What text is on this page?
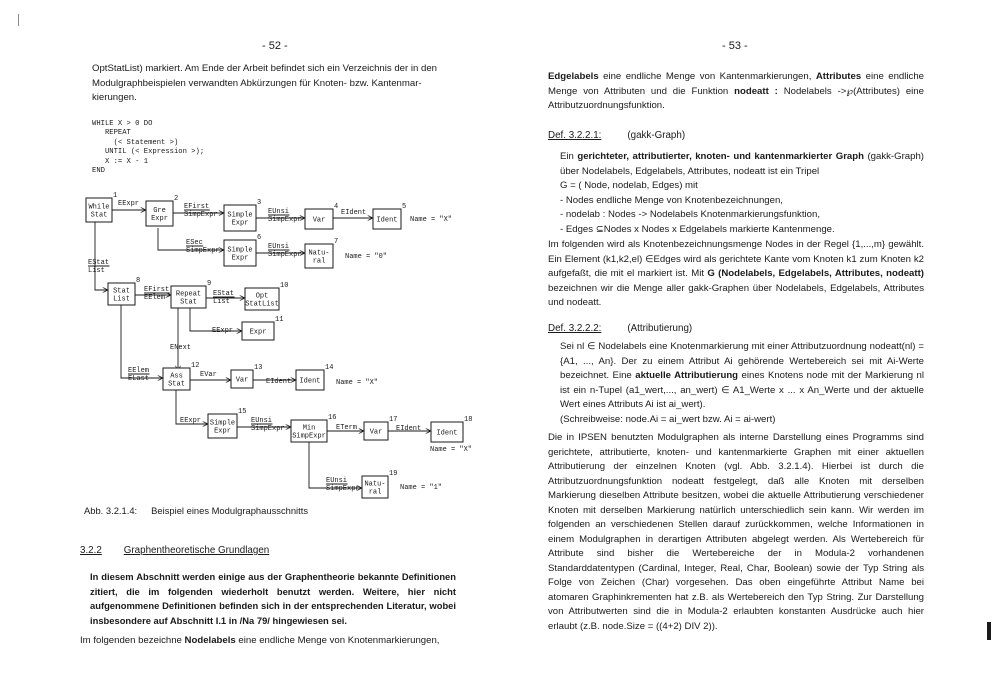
- 52 -

OptStatList) markiert. Am Ende der Arbeit befindet sich ein Verzeichnis der in den

Modulgraphbeispielen verwandten Abkürzungen für Knoten- bzw. Kantenmar-

kierungen.

WHILE X > 0 DO
REPEAT
(< Statement >)
UNTIL (< Expression >);
X := X - 1
END
While
Stat
1
Gre
Expr
2
Simple
Expr
3
Var
4
Ident
5
Simple
Expr
6
Natu-
ral
7
Stat
List
8
Repeat
Stat
9
Opt
StatList
10
Expr
11
Ass
Stat
12
Var
13
Ident
14
Simple
Expr
15
Min
SimpExpr
16
Var
17
Ident
18
Natu-
ral
19
EExpr	EFirst
SimpExpr	EUnsi
SimpExpr
EIdent
ESec
SimpExpr	EUnsi
SimpExpr
EStat
List
EFirst
EElem	EStat
List
EExpr
ENext
EElem
ELast	EVar
EIdent
EExpr	EUnsi
SimpExpr	ETerm	EIdent
EUnsi
SimpExpr
Name = "X"
Name = "0"
Name = "X"
Name = "X"
Name = "1"
Abb. 3.2.1.4: Beispiel eines Modulgraphausschnitts
3.2.2 Graphentheoretische Grundlagen

In diesem Abschnitt werden einige aus der Graphentheorie bekannte Definitionen zitiert, die im folgenden wiederholt benutzt werden. Weitere, hier nicht aufgenommene Definitionen befinden sich in der entsprechenden Literatur, wobei insbesondere auf Abschnitt I.1 in /Na 79/ hingewiesen sei.

Im folgenden bezeichne Nodelabels eine endliche Menge von Knotenmarkierungen,

- 53 -

Edgelabels eine endliche Menge von Kantenmarkierungen, Attributes eine endliche Menge von Attributen und die Funktion nodeatt : Nodelabels ->℘(Attributes) eine Attributzuordnungsfunktion.

Def. 3.2.2.1:	(gakk-Graph)

Ein gerichteter, attributierter, knoten- und kantenmarkierter Graph (gakk-Graph) über Nodelabels, Edgelabels, Attributes, nodeatt ist ein Tripel

G = ( Node, nodelab, Edges) mit

- Nodes endliche Menge von Knotenbezeichnungen,

- nodelab : Nodes -> Nodelabels Knotenmarkierungsfunktion,

- Edges ⊆Nodes x Nodes x Edgelabels markierte Kantenmenge.

Im folgenden wird als Knotenbezeichnungsmenge Nodes in der Regel {1,...,m} gewählt. Ein Element (k1,k2,el) ∈Edges wird als gerichtete Kante vom Knoten k1 zum Knoten k2 aufgefaßt, die mit el markiert ist. Mit G (Nodelabels, Edgelabels, Attributes, nodeatt) bezeichnen wir die Menge aller gakk-Graphen über Nodelabels, Edgelabels, Attributes und nodeatt.

Def. 3.2.2.2:	(Attributierung)

Sei nl ∈ Nodelabels eine Knotenmarkierung mit einer Attributzuordnung nodeatt(nl) = {A1, ..., An}. Der zu einem Attribut Ai gehörende Wertebereich sei mit Ai-Werte bezeichnet. Eine aktuelle Attributierung eines Knotens node mit der Markierung nl ist ein n-Tupel (a1_wert,..., an_wert) ∈ A1_Werte x ... x An_Werte und der aktuelle Wert eines Attributs Ai ist ai_wert).

(Schreibweise: node.Ai = ai_wert bzw. Ai = ai-wert)

Die in IPSEN benutzten Modulgraphen als interne Darstellung eines Programms sind gerichtete, attributierte, knoten- und kantenmarkierte Graphen mit einer aktuellen Attributierung der einzelnen Knoten (vgl. Abb. 3.2.1.4). Hierbei ist durch die Attributzuordnungsfunktion nodeatt festgelegt, daß alle Knoten mit derselben Markierung dieselben Attribute besitzen, wobei die aktuelle Attributierung verschiedener Knoten mit derselben Markierung natürlich unterschiedlich sein kann. Wir werden im folgenden an verschiedenen Stellen darauf zurückkommen, welche Informationen in einem Modulgraphen in derartigen Attributen abgelegt werden. Als Wertebereich für Attribute sind bisher die Wertebereiche der in Modula-2 vorhandenen Standarddatentypen (Cardinal, Integer, Real, Char, Boolean) sowie der Typ String als Folge von Zeichen (Char) vorgesehen. Das oben eingeführte Attribut Name bei atomaren Graphinkrementen hat z.B. als Wertebereich den Typ String. Zur Darstellung von Attributwerten sind die in Modula-2 erlaubten konstanten Ausdrücke auch hier erlaubt (z.B. node.Size = ((4+2) DIV 2)).
